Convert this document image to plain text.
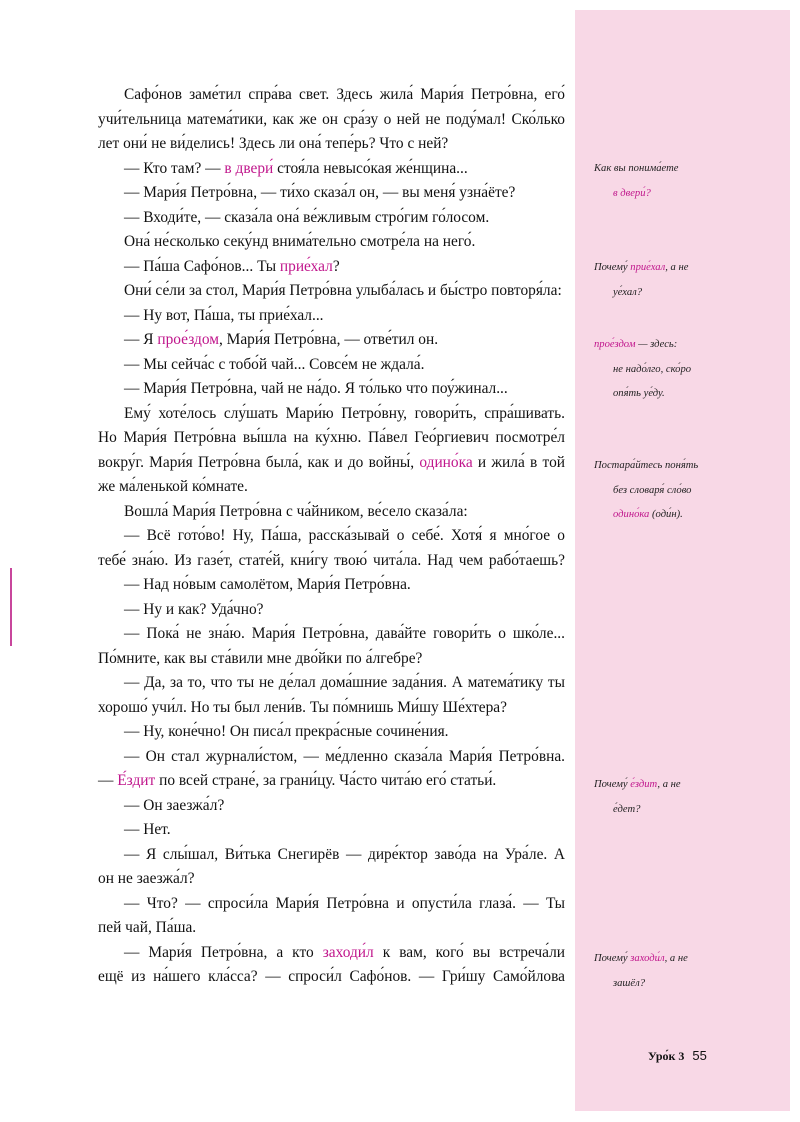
Сафо́нов заме́тил спра́ва свет. Здесь жила́ Мари́я Петро́вна, его́
учи́тельница матема́тики, как же он сра́зу о ней не поду́мал! Ско́лько
лет они́ не ви́делись! Здесь ли она́ тепе́рь? Что с ней?
— Кто там? — в двери́ стоя́ла невысо́кая же́нщина...
— Мари́я Петро́вна, — ти́хо сказа́л он, — вы меня́ узна́ёте?
— Входи́те, — сказа́ла она́ ве́жливым стро́гим го́лосом.
Она́ не́сколько секу́нд внима́тельно смотре́ла на него́.
— Па́ша Сафо́нов... Ты прие́хал?
Они́ се́ли за стол, Мари́я Петро́вна улыба́лась и бы́стро повторя́ла:
— Ну вот, Па́ша, ты прие́хал...
— Я прое́здом, Мари́я Петро́вна, — отве́тил он.
— Мы сейча́с с тобо́й чай... Совсе́м не ждала́.
— Мари́я Петро́вна, чай не на́до. Я то́лько что поу́жинал...
Ему́ хоте́лось слу́шать Мари́ю Петро́вну, говори́ть, спра́шивать.
Но Мари́я Петро́вна вы́шла на ку́хню. Па́вел Гео́ргиевич посмотре́л
вокру́г. Мари́я Петро́вна была́, как и до войны́, одино́ка и жила́ в той
же ма́ленькой ко́мнате.
Вошла́ Мари́я Петро́вна с ча́йником, ве́село сказа́ла:
— Всё гото́во! Ну, Па́ша, расска́зывай о себе́. Хотя́ я мно́гое о
тебе́ зна́ю. Из газе́т, стате́й, кни́гу твою́ чита́ла. Над чем рабо́таешь?
— Над но́вым самолётом, Мари́я Петро́вна.
— Ну и как? Уда́чно?
— Пока́ не зна́ю. Мари́я Петро́вна, дава́йте говори́ть о шко́ле...
По́мните, как вы ста́вили мне дво́йки по а́лгебре?
— Да, за то, что ты не де́лал дома́шние зада́ния. А матема́тику ты
хорошо́ учи́л. Но ты был лени́в. Ты по́мнишь Ми́шу Ше́хтера?
— Ну, коне́чно! Он писа́л прекра́сные сочине́ния.
— Он стал журнали́стом, — ме́дленно сказа́ла Мари́я Петро́вна.
— Е́здит по всей стране́, за грани́цу. Ча́сто чита́ю его́ статьи́.
— Он заезжа́л?
— Нет.
— Я слы́шал, Ви́тька Снегирёв — дире́ктор заво́да на Ура́ле. А
он не заезжа́л?
— Что? — спроси́ла Мари́я Петро́вна и опусти́ла глаза́. — Ты
пей чай, Па́ша.
— Мари́я Петро́вна, а кто заходи́л к вам, кого́ вы встреча́ли
ещё из на́шего кла́сса? — спроси́л Сафо́нов. — Гри́шу Само́йлова
Как вы понима́ете
в двери́?
Почему́ прие́хал, а не
уе́хал?
прое́здом — здесь:
не надо́лго, ско́ро
опя́ть уе́ду.
Постара́йтесь поня́ть
без словаря́ сло́во
одино́ка (оди́н).
Почему́ е́здит, а не
е́дет?
Почему́ заходи́л, а не
зашёл?
Уро́к 3 55
